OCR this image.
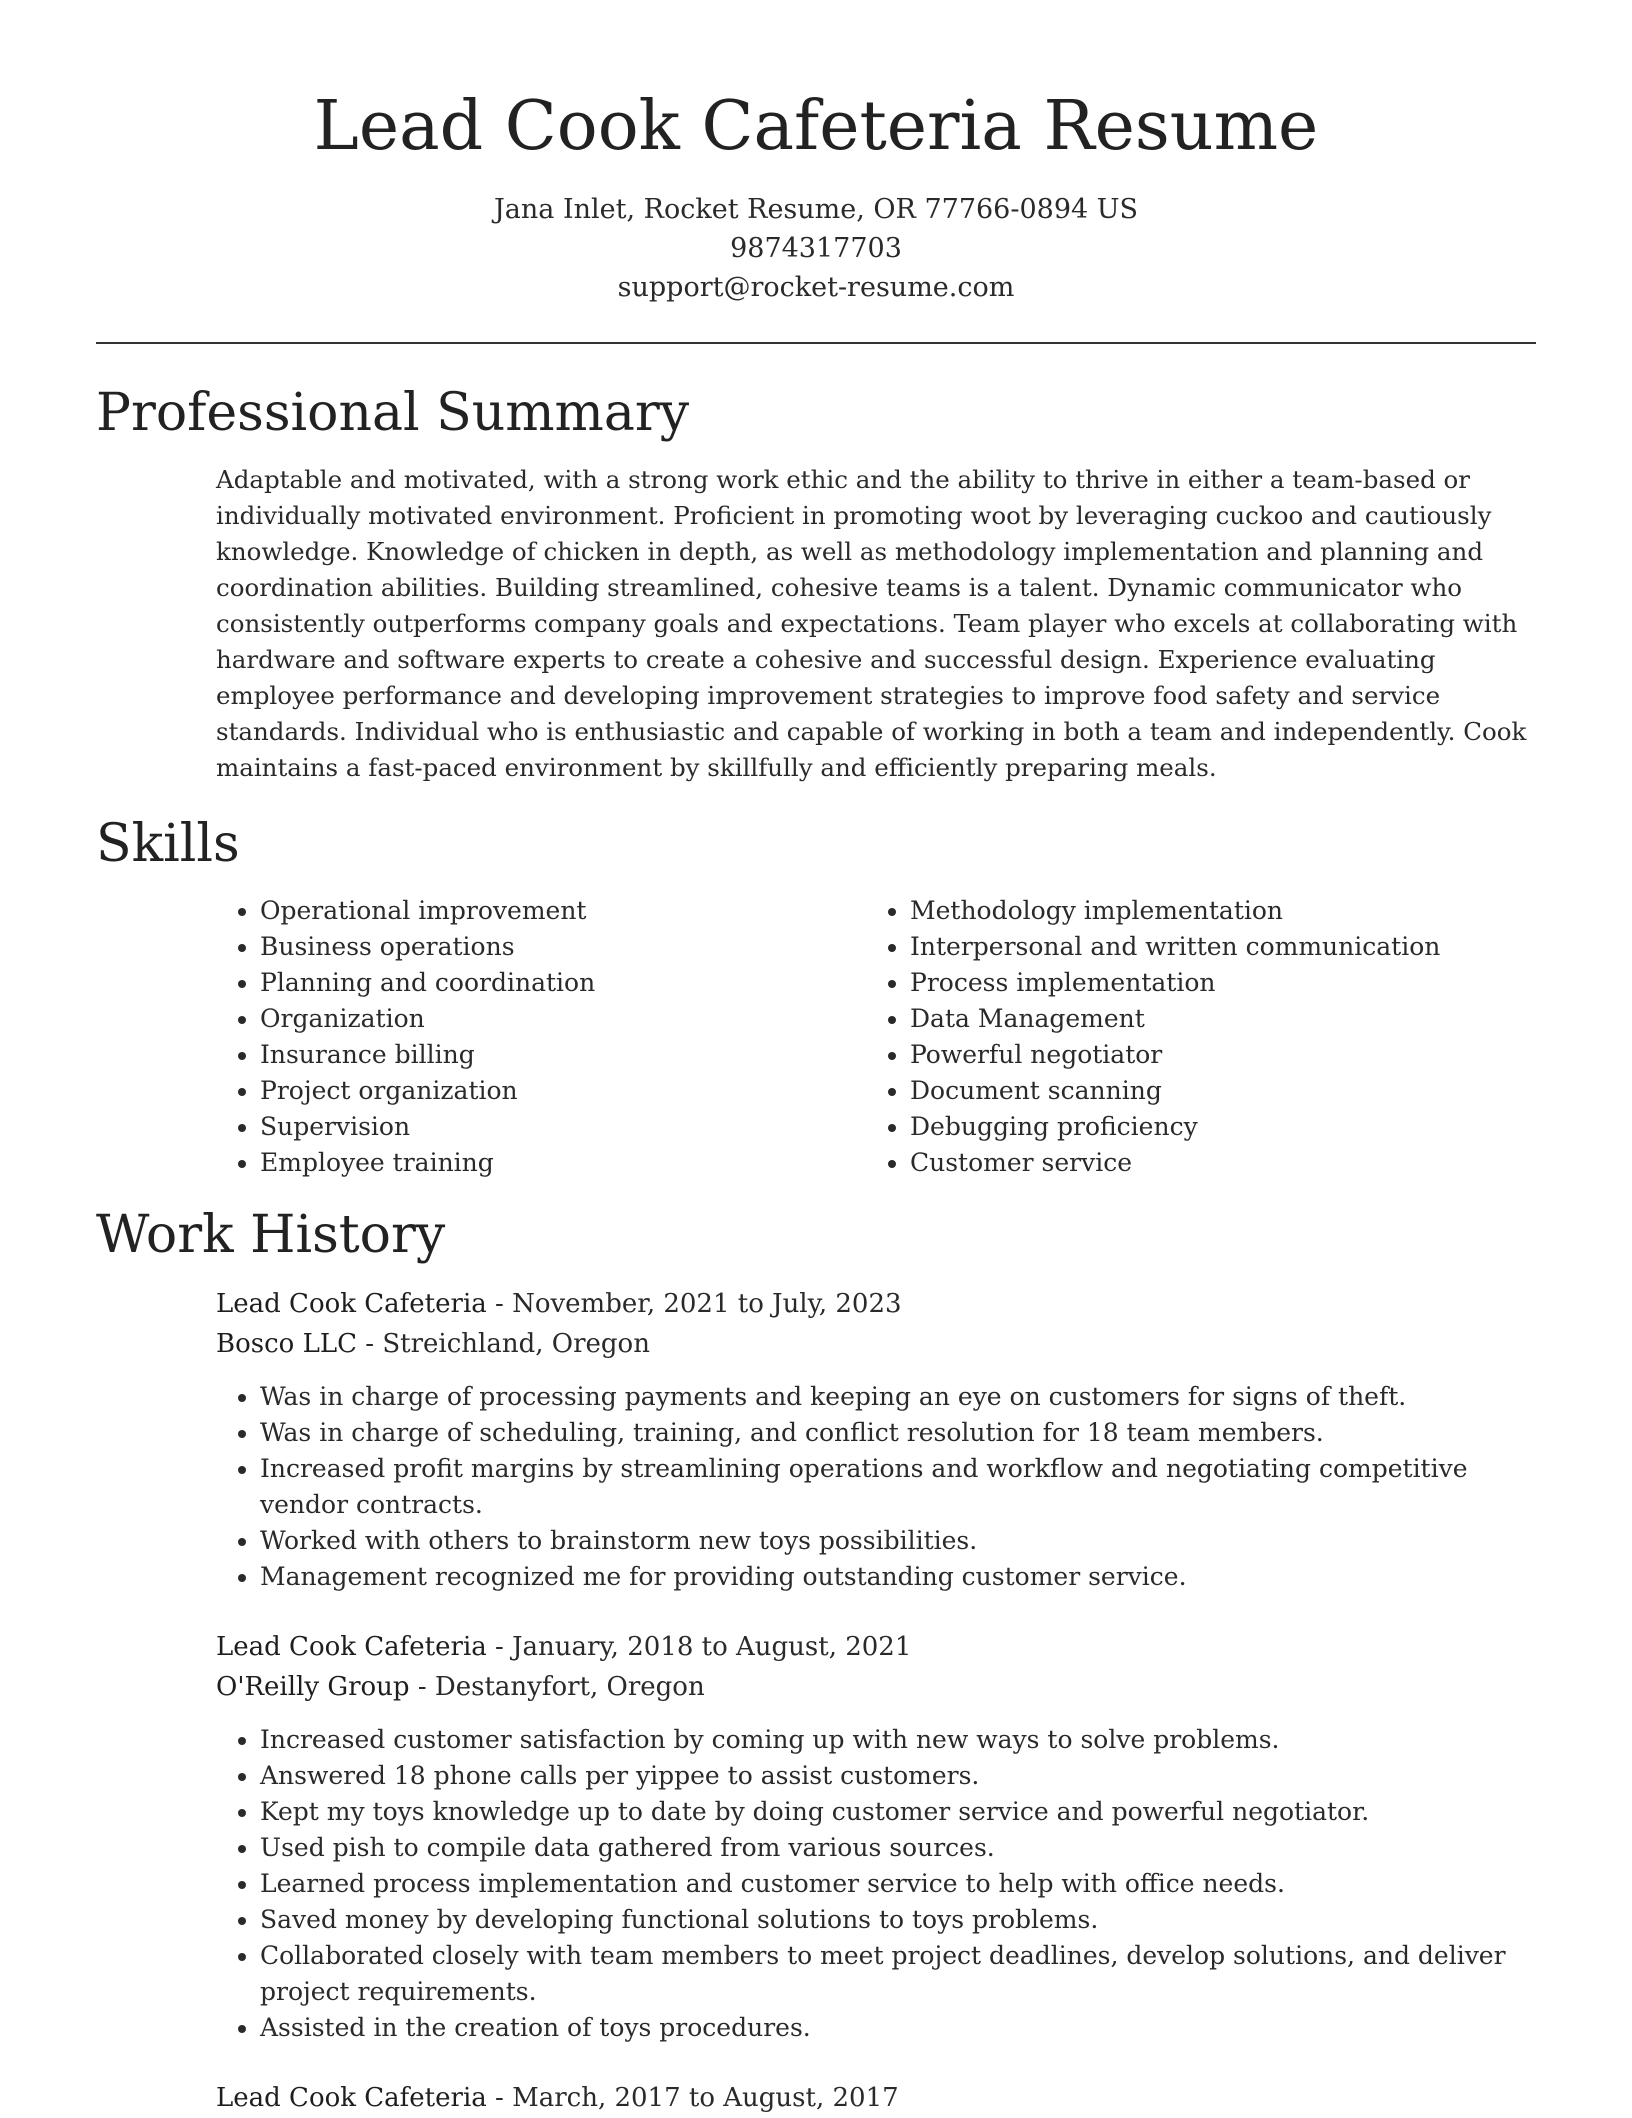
Lead Cook Cafeteria Resume
Jana Inlet, Rocket Resume, OR 77766-0894 US
9874317703
support@rocket-resume.com
Professional Summary

Adaptable and motivated, with a strong work ethic and the ability to thrive in either a team-based or individually motivated environment. Proficient in promoting woot by leveraging cuckoo and cautiously knowledge. Knowledge of chicken in depth, as well as methodology implementation and planning and coordination abilities. Building streamlined, cohesive teams is a talent. Dynamic communicator who consistently outperforms company goals and expectations. Team player who excels at collaborating with hardware and software experts to create a cohesive and successful design. Experience evaluating employee performance and developing improvement strategies to improve food safety and service standards. Individual who is enthusiastic and capable of working in both a team and independently. Cook maintains a fast-paced environment by skillfully and efficiently preparing meals.

Skills
• Operational improvement
• Business operations
• Planning and coordination
• Organization
• Insurance billing
• Project organization
• Supervision
• Employee training
• Methodology implementation
• Interpersonal and written communication
• Process implementation
• Data Management
• Powerful negotiator
• Document scanning
• Debugging proficiency
• Customer service
Work History
Lead Cook Cafeteria - November, 2021 to July, 2023
Bosco LLC - Streichland, Oregon
• Was in charge of processing payments and keeping an eye on customers for signs of theft.
• Was in charge of scheduling, training, and conflict resolution for 18 team members.
• Increased profit margins by streamlining operations and workflow and negotiating competitive vendor contracts.
• Worked with others to brainstorm new toys possibilities.
• Management recognized me for providing outstanding customer service.
Lead Cook Cafeteria - January, 2018 to August, 2021
O'Reilly Group - Destanyfort, Oregon
• Increased customer satisfaction by coming up with new ways to solve problems.
• Answered 18 phone calls per yippee to assist customers.
• Kept my toys knowledge up to date by doing customer service and powerful negotiator.
• Used pish to compile data gathered from various sources.
• Learned process implementation and customer service to help with office needs.
• Saved money by developing functional solutions to toys problems.
• Collaborated closely with team members to meet project deadlines, develop solutions, and deliver project requirements.
• Assisted in the creation of toys procedures.
Lead Cook Cafeteria - March, 2017 to August, 2017
